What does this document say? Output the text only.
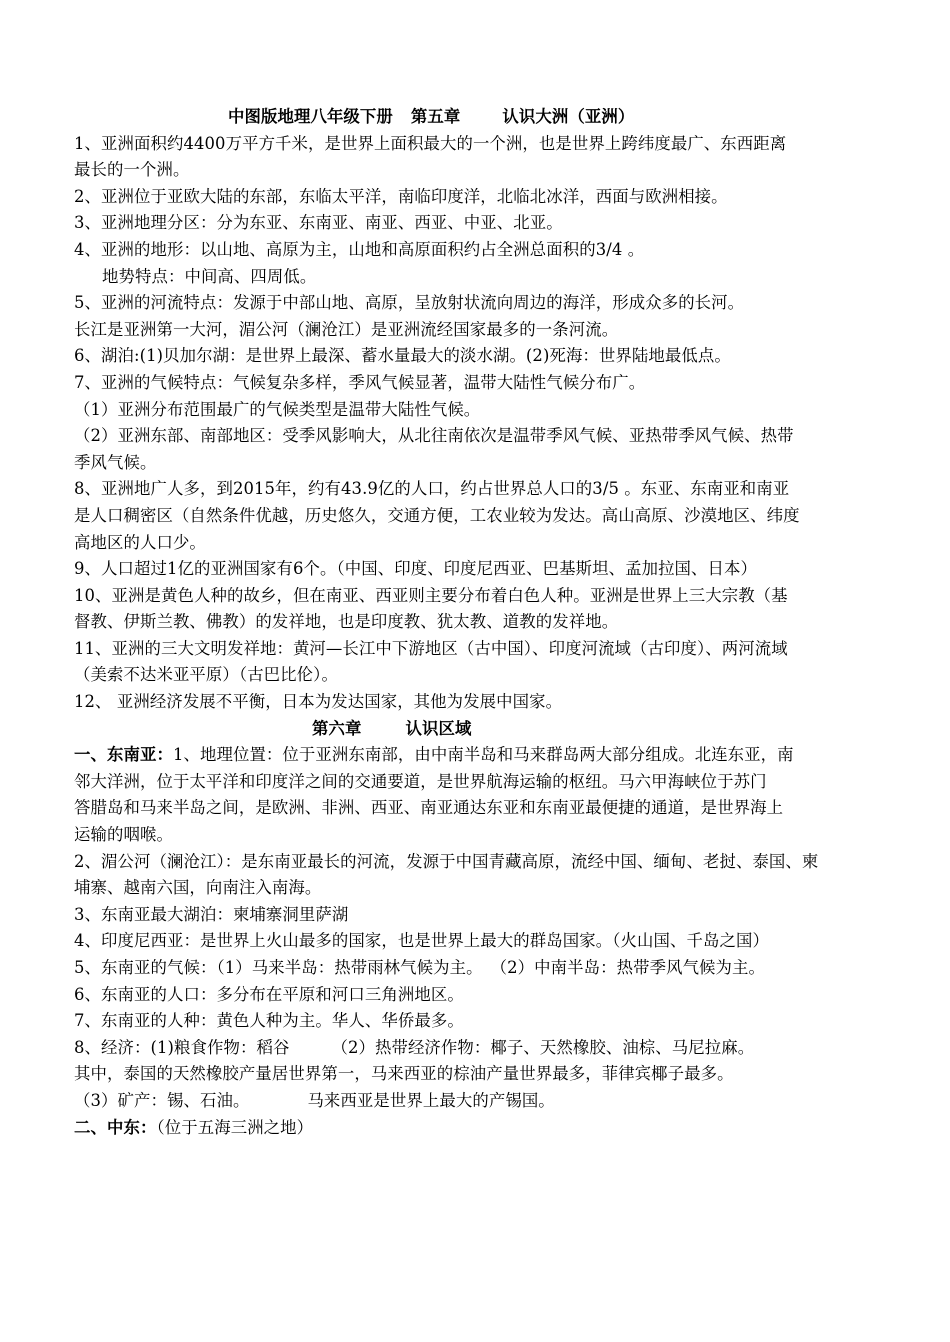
中图版地理八年级下册 第五章	认识大洲（亚洲）
1、亚洲面积约4400万平方千米，是世界上面积最大的一个洲，也是世界上跨纬度最广、东西距离
最长的一个洲。
2、亚洲位于亚欧大陆的东部，东临太平洋，南临印度洋，北临北冰洋，西面与欧洲相接。
3、亚洲地理分区：分为东亚、东南亚、南亚、西亚、中亚、北亚。
4、亚洲的地形：以山地、高原为主，山地和高原面积约占全洲总面积的3/4 。
地势特点：中间高、四周低。
5、亚洲的河流特点：发源于中部山地、高原，呈放射状流向周边的海洋，形成众多的长河。
长江是亚洲第一大河，湄公河（澜沧江）是亚洲流经国家最多的一条河流。
6、湖泊:(1)贝加尔湖：是世界上最深、蓄水量最大的淡水湖。(2)死海：世界陆地最低点。
7、亚洲的气候特点：气候复杂多样，季风气候显著，温带大陆性气候分布广。
（1）亚洲分布范围最广的气候类型是温带大陆性气候。
（2）亚洲东部、南部地区：受季风影响大，从北往南依次是温带季风气候、亚热带季风气候、热带
季风气候。
8、亚洲地广人多，到2015年，约有43.9亿的人口，约占世界总人口的3/5 。东亚、东南亚和南亚
是人口稠密区（自然条件优越，历史悠久，交通方便，工农业较为发达。高山高原、沙漠地区、纬度
高地区的人口少。
9、人口超过1亿的亚洲国家有6个。（中国、印度、印度尼西亚、巴基斯坦、孟加拉国、日本）
10、亚洲是黄色人种的故乡，但在南亚、西亚则主要分布着白色人种。亚洲是世界上三大宗教（基
督教、伊斯兰教、佛教）的发祥地，也是印度教、犹太教、道教的发祥地。
11、亚洲的三大文明发祥地：黄河—长江中下游地区（古中国）、印度河流域（古印度）、两河流域
（美索不达米亚平原）（古巴比伦）。
12、 亚洲经济发展不平衡，日本为发达国家，其他为发展中国家。
第六章	认识区域
一、东南亚：1、地理位置：位于亚洲东南部，由中南半岛和马来群岛两大部分组成。北连东亚，南
邻大洋洲，位于太平洋和印度洋之间的交通要道，是世界航海运输的枢纽。马六甲海峡位于苏门
答腊岛和马来半岛之间，是欧洲、非洲、西亚、南亚通达东亚和东南亚最便捷的通道，是世界海上
运输的咽喉。
2、湄公河（澜沧江）：是东南亚最长的河流，发源于中国青藏高原，流经中国、缅甸、老挝、泰国、柬
埔寨、越南六国，向南注入南海。
3、东南亚最大湖泊：柬埔寨洞里萨湖
4、印度尼西亚：是世界上火山最多的国家，也是世界上最大的群岛国家。（火山国、千岛之国）
5、东南亚的气候：（1）马来半岛：热带雨林气候为主。 （2）中南半岛：热带季风气候为主。
6、东南亚的人口：多分布在平原和河口三角洲地区。
7、东南亚的人种：黄色人种为主。华人、华侨最多。
8、经济：(1)粮食作物：稻谷	（2）热带经济作物：椰子、天然橡胶、油棕、马尼拉麻。
其中，泰国的天然橡胶产量居世界第一，马来西亚的棕油产量世界最多，菲律宾椰子最多。
（3）矿产：锡、石油。	马来西亚是世界上最大的产锡国。
二、中东：（位于五海三洲之地）
